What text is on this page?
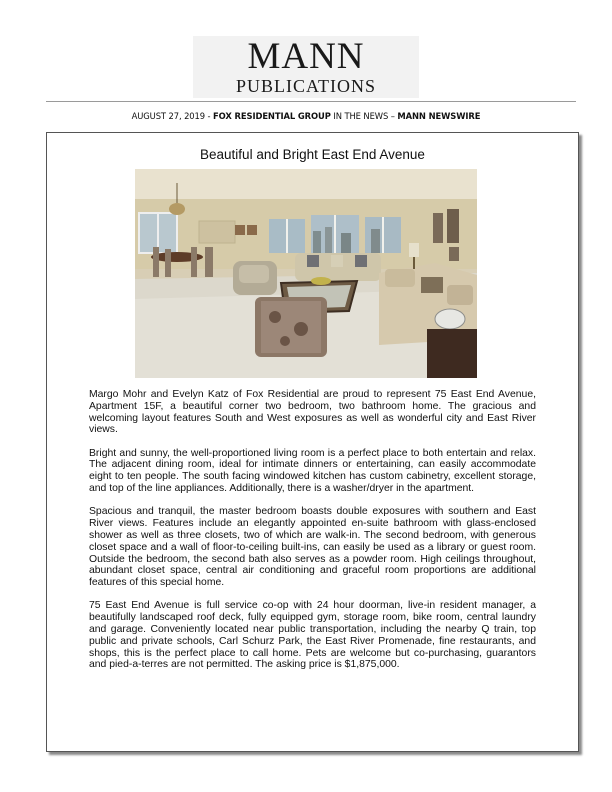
MANN
PUBLICATIONS
AUGUST 27, 2019 - FOX RESIDENTIAL GROUP IN THE NEWS – MANN NEWSWIRE
Beautiful and Bright East End Avenue

Margo Mohr and Evelyn Katz of Fox Residential are proud to represent 75 East End Avenue, Apartment 15F, a beautiful corner two bedroom, two bathroom home. The gracious and welcoming layout features South and West exposures as well as wonderful city and East River views.

Bright and sunny, the well-proportioned living room is a perfect place to both entertain and relax. The adjacent dining room, ideal for intimate dinners or entertaining, can easily accommodate eight to ten people. The south facing windowed kitchen has custom cabinetry, excellent storage, and top of the line appliances. Additionally, there is a washer/dryer in the apartment.

Spacious and tranquil, the master bedroom boasts double exposures with southern and East River views. Features include an elegantly appointed en-suite bathroom with glass-enclosed shower as well as three closets, two of which are walk-in. The second bedroom, with generous closet space and a wall of floor-to-ceiling built-ins, can easily be used as a library or guest room. Outside the bedroom, the second bath also serves as a powder room. High ceilings throughout, abundant closet space, central air conditioning and graceful room proportions are additional features of this special home.

75 East End Avenue is full service co-op with 24 hour doorman, live-in resident manager, a beautifully landscaped roof deck, fully equipped gym, storage room, bike room, central laundry and garage. Conveniently located near public transportation, including the nearby Q train, top public and private schools, Carl Schurz Park, the East River Promenade, fine restaurants, and shops, this is the perfect place to call home. Pets are welcome but co-purchasing, guarantors and pied-a-terres are not permitted. The asking price is $1,875,000.
